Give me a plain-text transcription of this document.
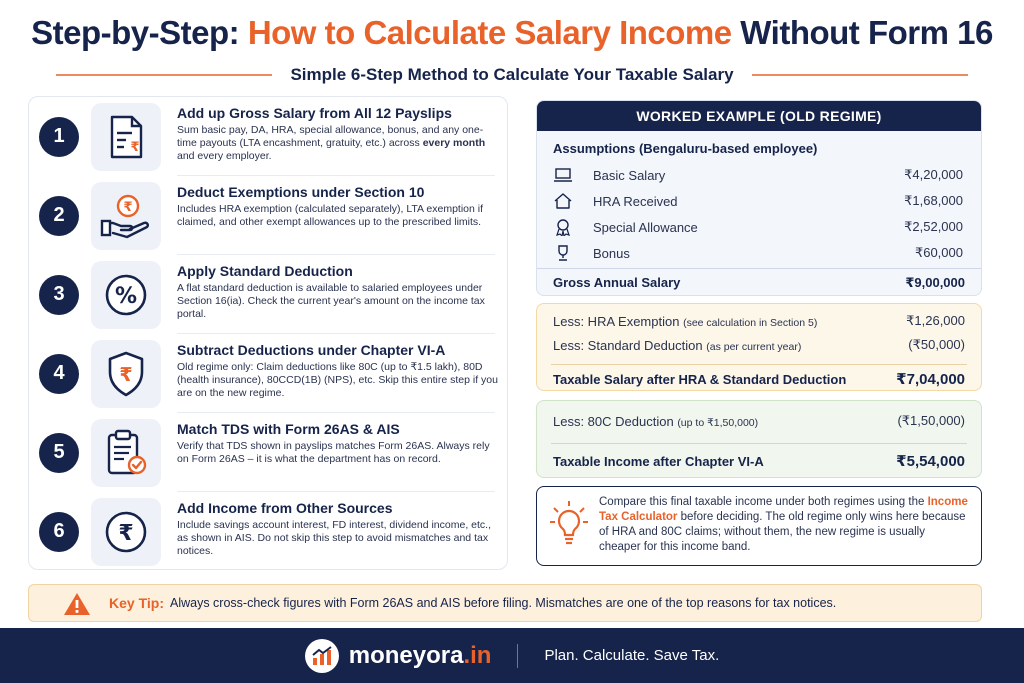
Step-by-Step: How to Calculate Salary Income Without Form 16
Simple 6-Step Method to Calculate Your Taxable Salary
1	₹
Add up Gross Salary from All 12 Payslips
Sum basic pay, DA, HRA, special allowance, bonus, and any one-time payouts (LTA encashment, gratuity, etc.) across every month and every employer.
2	₹
Deduct Exemptions under Section 10
Includes HRA exemption (calculated separately), LTA exemption if claimed, and other exempt allowances up to the prescribed limits.
3	%
Apply Standard Deduction
A flat standard deduction is available to salaried employees under Section 16(ia). Check the current year's amount on the income tax portal.
4	₹
Subtract Deductions under Chapter VI-A
Old regime only: Claim deductions like 80C (up to ₹1.5 lakh), 80D (health insurance), 80CCD(1B) (NPS), etc. Skip this entire step if you are on the new regime.
5
Match TDS with Form 26AS & AIS
Verify that TDS shown in payslips matches Form 26AS. Always rely on Form 26AS – it is what the department has on record.
6	₹
Add Income from Other Sources
Include savings account interest, FD interest, dividend income, etc., as shown in AIS. Do not skip this step to avoid mismatches and tax notices.
WORKED EXAMPLE (OLD REGIME)
Assumptions (Bengaluru-based employee)
Basic Salary	₹4,20,000
HRA Received	₹1,68,000
Special Allowance	₹2,52,000
Bonus	₹60,000
Gross Annual Salary	₹9,00,000
Less: HRA Exemption (see calculation in Section 5)	₹1,26,000
Less: Standard Deduction (as per current year)	(₹50,000)
Taxable Salary after HRA & Standard Deduction	₹7,04,000
Less: 80C Deduction (up to ₹1,50,000)	(₹1,50,000)
Taxable Income after Chapter VI-A	₹5,54,000
Compare this final taxable income under both regimes using the Income Tax Calculator before deciding. The old regime only wins here because of HRA and 80C claims; without them, the new regime is usually cheaper for this income band.
Key Tip: Always cross-check figures with Form 26AS and AIS before filing. Mismatches are one of the top reasons for tax notices.
moneyora.in	Plan. Calculate. Save Tax.
